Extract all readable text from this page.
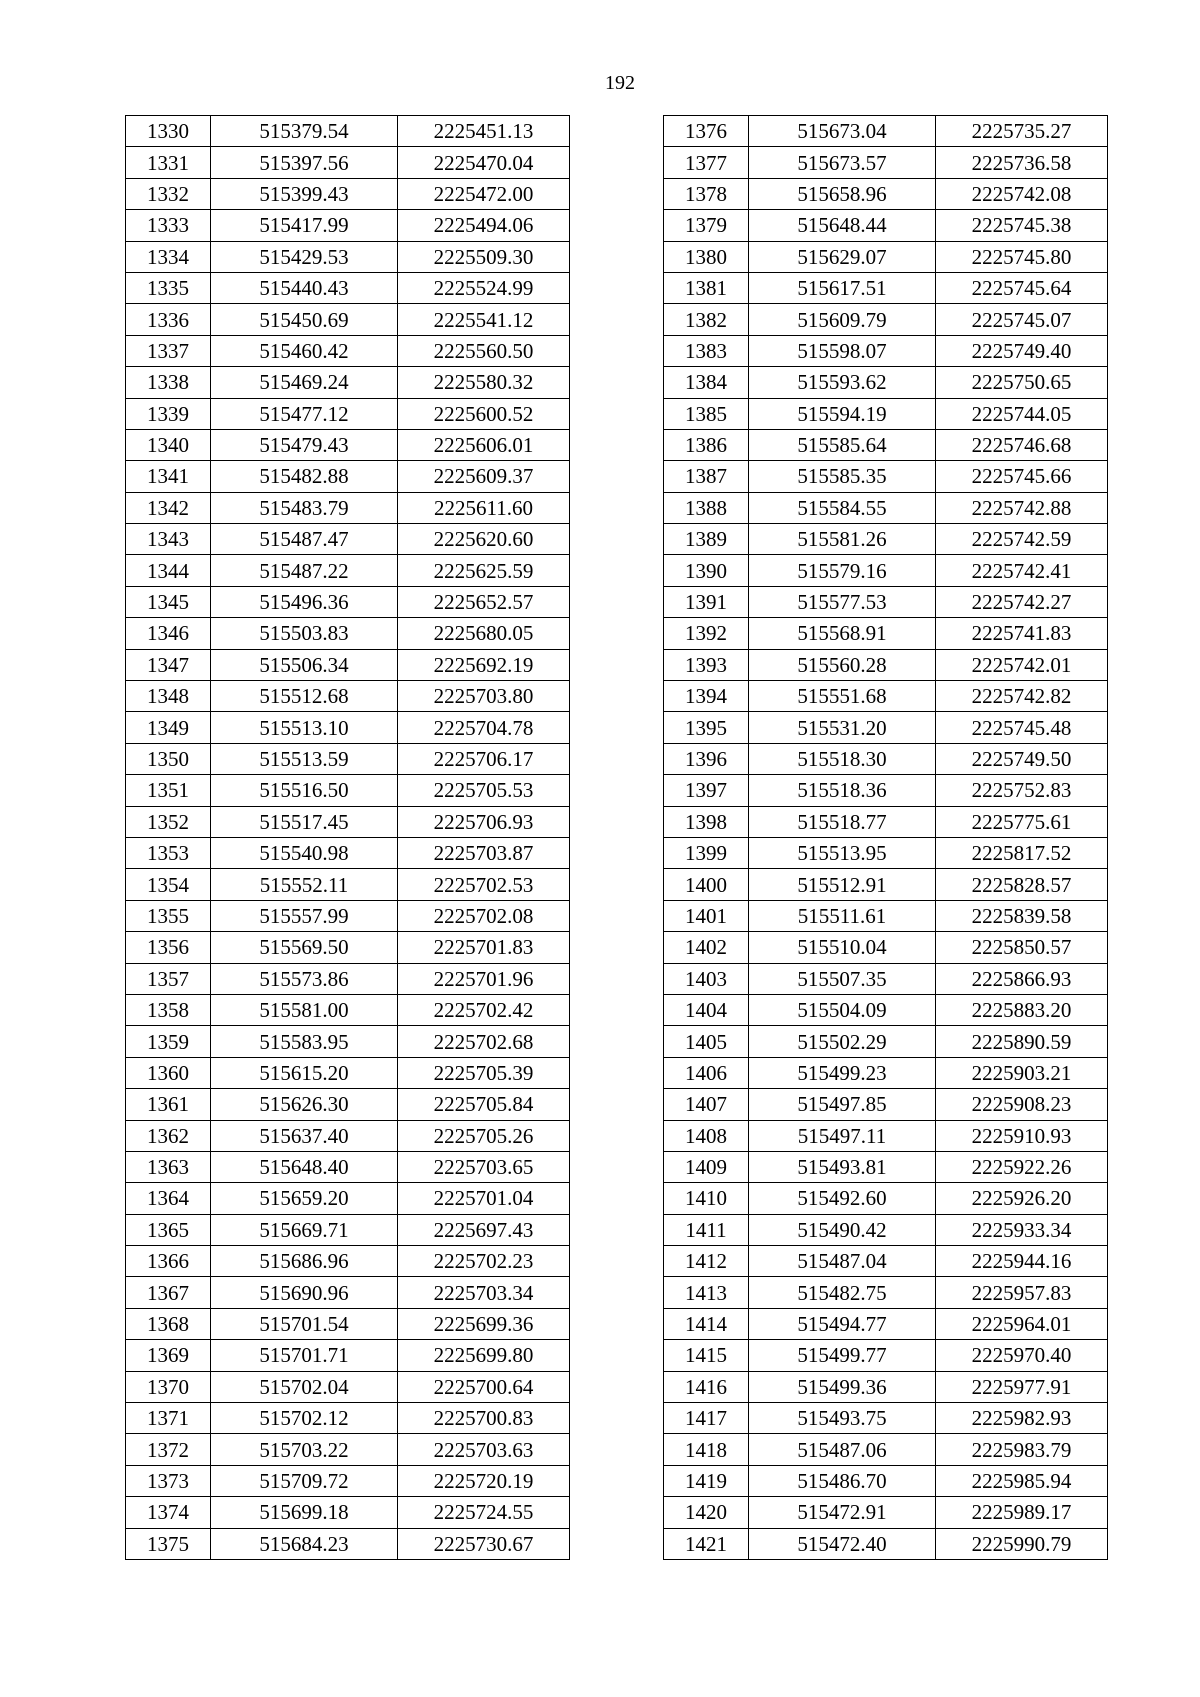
192
1330	515379.54	2225451.13
1331	515397.56	2225470.04
1332	515399.43	2225472.00
1333	515417.99	2225494.06
1334	515429.53	2225509.30
1335	515440.43	2225524.99
1336	515450.69	2225541.12
1337	515460.42	2225560.50
1338	515469.24	2225580.32
1339	515477.12	2225600.52
1340	515479.43	2225606.01
1341	515482.88	2225609.37
1342	515483.79	2225611.60
1343	515487.47	2225620.60
1344	515487.22	2225625.59
1345	515496.36	2225652.57
1346	515503.83	2225680.05
1347	515506.34	2225692.19
1348	515512.68	2225703.80
1349	515513.10	2225704.78
1350	515513.59	2225706.17
1351	515516.50	2225705.53
1352	515517.45	2225706.93
1353	515540.98	2225703.87
1354	515552.11	2225702.53
1355	515557.99	2225702.08
1356	515569.50	2225701.83
1357	515573.86	2225701.96
1358	515581.00	2225702.42
1359	515583.95	2225702.68
1360	515615.20	2225705.39
1361	515626.30	2225705.84
1362	515637.40	2225705.26
1363	515648.40	2225703.65
1364	515659.20	2225701.04
1365	515669.71	2225697.43
1366	515686.96	2225702.23
1367	515690.96	2225703.34
1368	515701.54	2225699.36
1369	515701.71	2225699.80
1370	515702.04	2225700.64
1371	515702.12	2225700.83
1372	515703.22	2225703.63
1373	515709.72	2225720.19
1374	515699.18	2225724.55
1375	515684.23	2225730.67
1376	515673.04	2225735.27
1377	515673.57	2225736.58
1378	515658.96	2225742.08
1379	515648.44	2225745.38
1380	515629.07	2225745.80
1381	515617.51	2225745.64
1382	515609.79	2225745.07
1383	515598.07	2225749.40
1384	515593.62	2225750.65
1385	515594.19	2225744.05
1386	515585.64	2225746.68
1387	515585.35	2225745.66
1388	515584.55	2225742.88
1389	515581.26	2225742.59
1390	515579.16	2225742.41
1391	515577.53	2225742.27
1392	515568.91	2225741.83
1393	515560.28	2225742.01
1394	515551.68	2225742.82
1395	515531.20	2225745.48
1396	515518.30	2225749.50
1397	515518.36	2225752.83
1398	515518.77	2225775.61
1399	515513.95	2225817.52
1400	515512.91	2225828.57
1401	515511.61	2225839.58
1402	515510.04	2225850.57
1403	515507.35	2225866.93
1404	515504.09	2225883.20
1405	515502.29	2225890.59
1406	515499.23	2225903.21
1407	515497.85	2225908.23
1408	515497.11	2225910.93
1409	515493.81	2225922.26
1410	515492.60	2225926.20
1411	515490.42	2225933.34
1412	515487.04	2225944.16
1413	515482.75	2225957.83
1414	515494.77	2225964.01
1415	515499.77	2225970.40
1416	515499.36	2225977.91
1417	515493.75	2225982.93
1418	515487.06	2225983.79
1419	515486.70	2225985.94
1420	515472.91	2225989.17
1421	515472.40	2225990.79
